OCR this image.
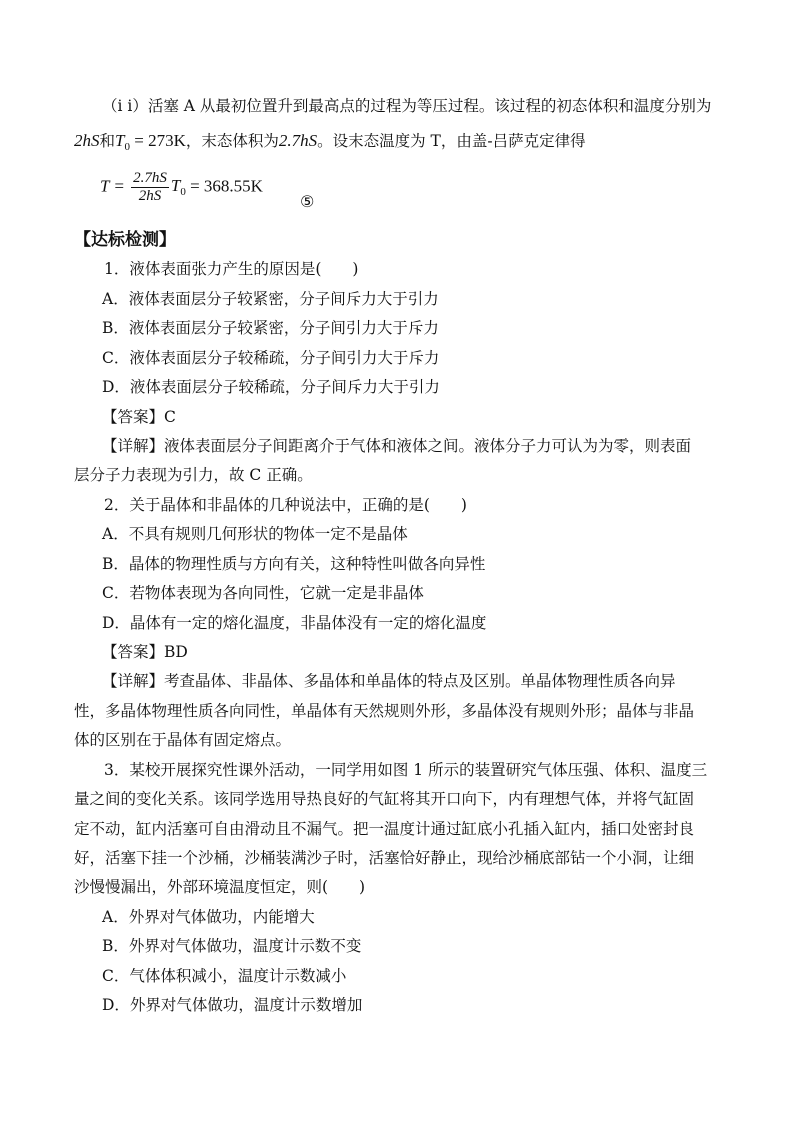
（i i）活塞 A 从最初位置升到最高点的过程为等压过程。该过程的初态体积和温度分别为
2hS和$T_0 = 273K$，末态体积为2.7hS。设末态温度为 T，由盖-吕萨克定律得
$T = \frac{2.7hS}{2hS} T_0 = 368.55K$
⑤
【达标检测】
1．液体表面张力产生的原因是(　　)
A．液体表面层分子较紧密，分子间斥力大于引力
B．液体表面层分子较紧密，分子间引力大于斥力
C．液体表面层分子较稀疏，分子间引力大于斥力
D．液体表面层分子较稀疏，分子间斥力大于引力
【答案】C
【详解】液体表面层分子间距离介于气体和液体之间。液体分子力可认为为零，则表面
层分子力表现为引力，故 C 正确。
2．关于晶体和非晶体的几种说法中，正确的是(　　)
A．不具有规则几何形状的物体一定不是晶体
B．晶体的物理性质与方向有关，这种特性叫做各向异性
C．若物体表现为各向同性，它就一定是非晶体
D．晶体有一定的熔化温度，非晶体没有一定的熔化温度
【答案】BD
【详解】考查晶体、非晶体、多晶体和单晶体的特点及区别。单晶体物理性质各向异
性，多晶体物理性质各向同性，单晶体有天然规则外形，多晶体没有规则外形；晶体与非晶
体的区别在于晶体有固定熔点。
3．某校开展探究性课外活动，一同学用如图 1 所示的装置研究气体压强、体积、温度三
量之间的变化关系。该同学选用导热良好的气缸将其开口向下，内有理想气体，并将气缸固
定不动，缸内活塞可自由滑动且不漏气。把一温度计通过缸底小孔插入缸内，插口处密封良
好，活塞下挂一个沙桶，沙桶装满沙子时，活塞恰好静止，现给沙桶底部钻一个小洞，让细
沙慢慢漏出，外部环境温度恒定，则(　　)
A．外界对气体做功，内能增大
B．外界对气体做功，温度计示数不变
C．气体体积减小，温度计示数减小
D．外界对气体做功，温度计示数增加
